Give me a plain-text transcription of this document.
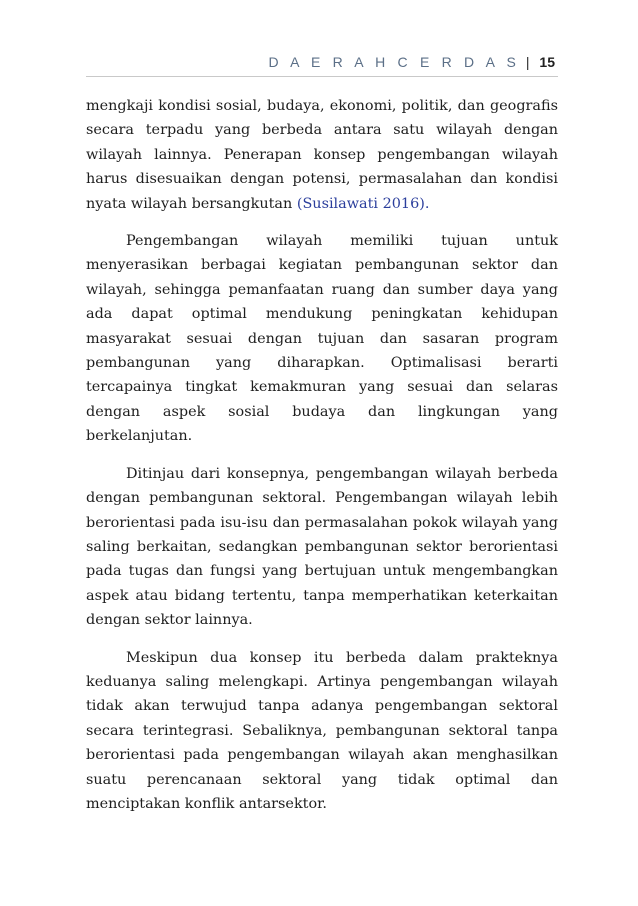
D A E R A H C E R D A S | 15

mengkaji kondisi sosial, budaya, ekonomi, politik, dan geografis secara terpadu yang berbeda antara satu wilayah dengan wilayah lainnya. Penerapan konsep pengembangan wilayah harus disesuaikan dengan potensi, permasalahan dan kondisi nyata wilayah bersangkutan (Susilawati 2016).

Pengembangan wilayah memiliki tujuan untuk menyerasikan berbagai kegiatan pembangunan sektor dan wilayah, sehingga pemanfaatan ruang dan sumber daya yang ada dapat optimal mendukung peningkatan kehidupan masyarakat sesuai dengan tujuan dan sasaran program pembangunan yang diharapkan. Optimalisasi berarti tercapainya tingkat kemakmuran yang sesuai dan selaras dengan aspek sosial budaya dan lingkungan yang berkelanjutan.

Ditinjau dari konsepnya, pengembangan wilayah berbeda dengan pembangunan sektoral. Pengembangan wilayah lebih berorientasi pada isu-isu dan permasalahan pokok wilayah yang saling berkaitan, sedangkan pembangunan sektor berorientasi pada tugas dan fungsi yang bertujuan untuk mengembangkan aspek atau bidang tertentu, tanpa memperhatikan keterkaitan dengan sektor lainnya.

Meskipun dua konsep itu berbeda dalam prakteknya keduanya saling melengkapi. Artinya pengembangan wilayah tidak akan terwujud tanpa adanya pengembangan sektoral secara terintegrasi. Sebaliknya, pembangunan sektoral tanpa berorientasi pada pengembangan wilayah akan menghasilkan suatu perencanaan sektoral yang tidak optimal dan menciptakan konflik antarsektor.
